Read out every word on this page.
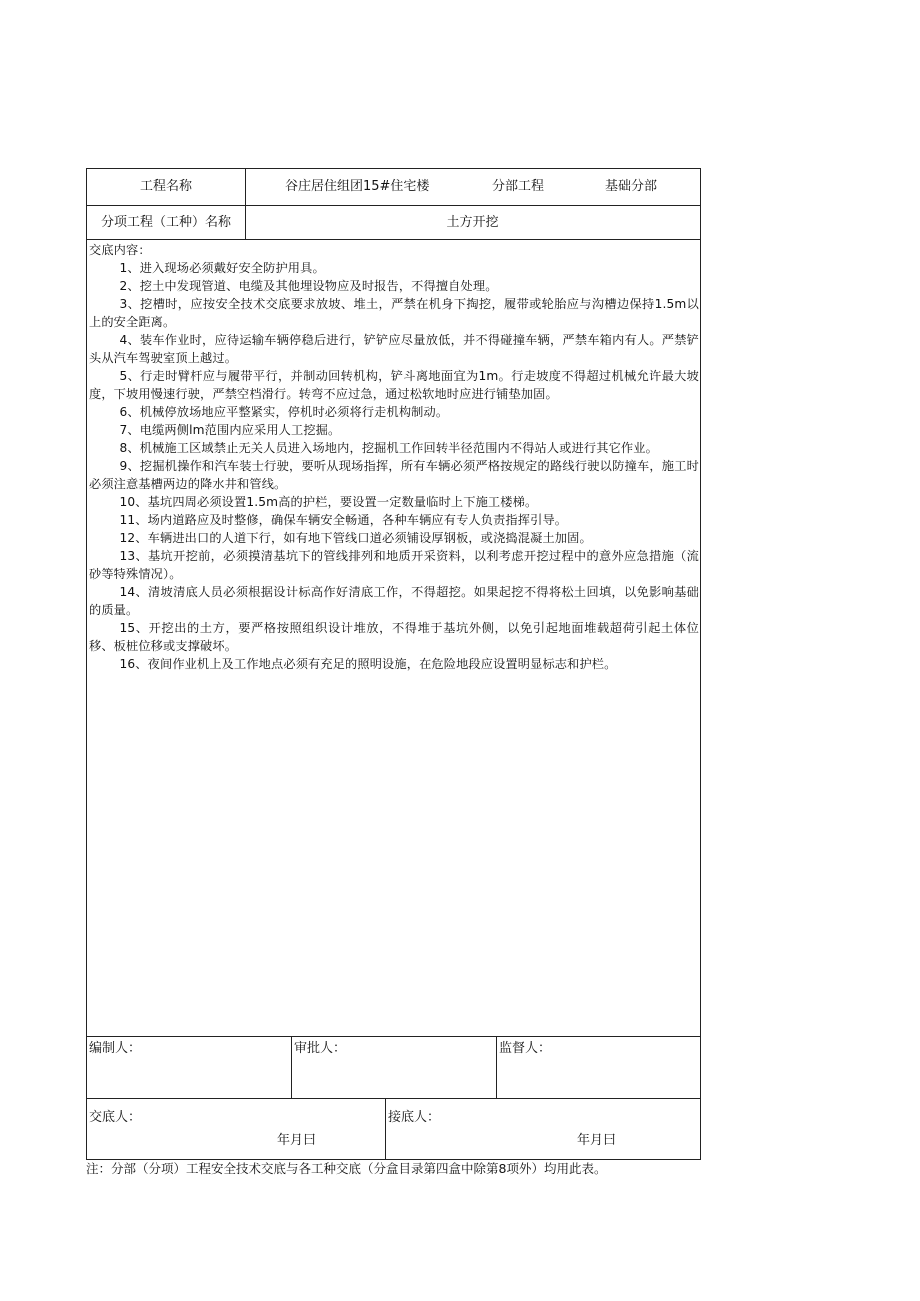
工程名称	谷庄居住组团15#住宅楼	分部工程	基础分部
分项工程（工种）名称	土方开挖

交底内容：

1、进入现场必须戴好安全防护用具。

2、挖土中发现管道、电缆及其他埋设物应及时报告，不得擅自处理。

3、挖槽时，应按安全技术交底要求放坡、堆土，严禁在机身下掏挖，履带或轮胎应与沟槽边保持1.5m以上的安全距离。

4、装车作业时，应待运输车辆停稳后进行，铲铲应尽量放低，并不得碰撞车辆，严禁车箱内有人。严禁铲头从汽车驾驶室顶上越过。

5、行走时臂杆应与履带平行，并制动回转机构，铲斗离地面宜为1m。行走坡度不得超过机械允许最大坡度，下坡用慢速行驶，严禁空档滑行。转弯不应过急，通过松软地时应进行铺垫加固。

6、机械停放场地应平整紧实，停机时必须将行走机构制动。

7、电缆两侧lm范围内应采用人工挖掘。

8、机械施工区域禁止无关人员进入场地内，挖掘机工作回转半径范围内不得站人或进行其它作业。

9、挖掘机操作和汽车装士行驶，要听从现场指挥，所有车辆必须严格按规定的路线行驶以防撞车，施工时必须注意基槽两边的降水井和管线。

10、基坑四周必须设置1.5m高的护栏，要设置一定数量临时上下施工楼梯。

11、场内道路应及时整修，确保车辆安全畅通，各种车辆应有专人负责指挥引导。

12、车辆进出口的人道下行，如有地下管线口道必须铺设厚钢板，或浇捣混凝土加固。

13、基坑开挖前，必须摸清基坑下的管线排列和地质开采资料，以利考虑开挖过程中的意外应急措施（流砂等特殊情况）。

14、清坡清底人员必须根据设计标高作好清底工作，不得超挖。如果起挖不得将松土回填，以免影响基础的质量。

15、开挖出的土方，要严格按照组织设计堆放，不得堆于基坑外侧，以免引起地面堆载超荷引起土体位移、板桩位移或支撑破坏。

16、夜间作业机上及工作地点必须有充足的照明设施，在危险地段应设置明显标志和护栏。

编制人：	审批人：	监督人：
交底人：
年月曰
接底人：
年月曰
注：分部（分项）工程安全技术交底与各工种交底（分盒目录第四盒中除第8项外）均用此表。
